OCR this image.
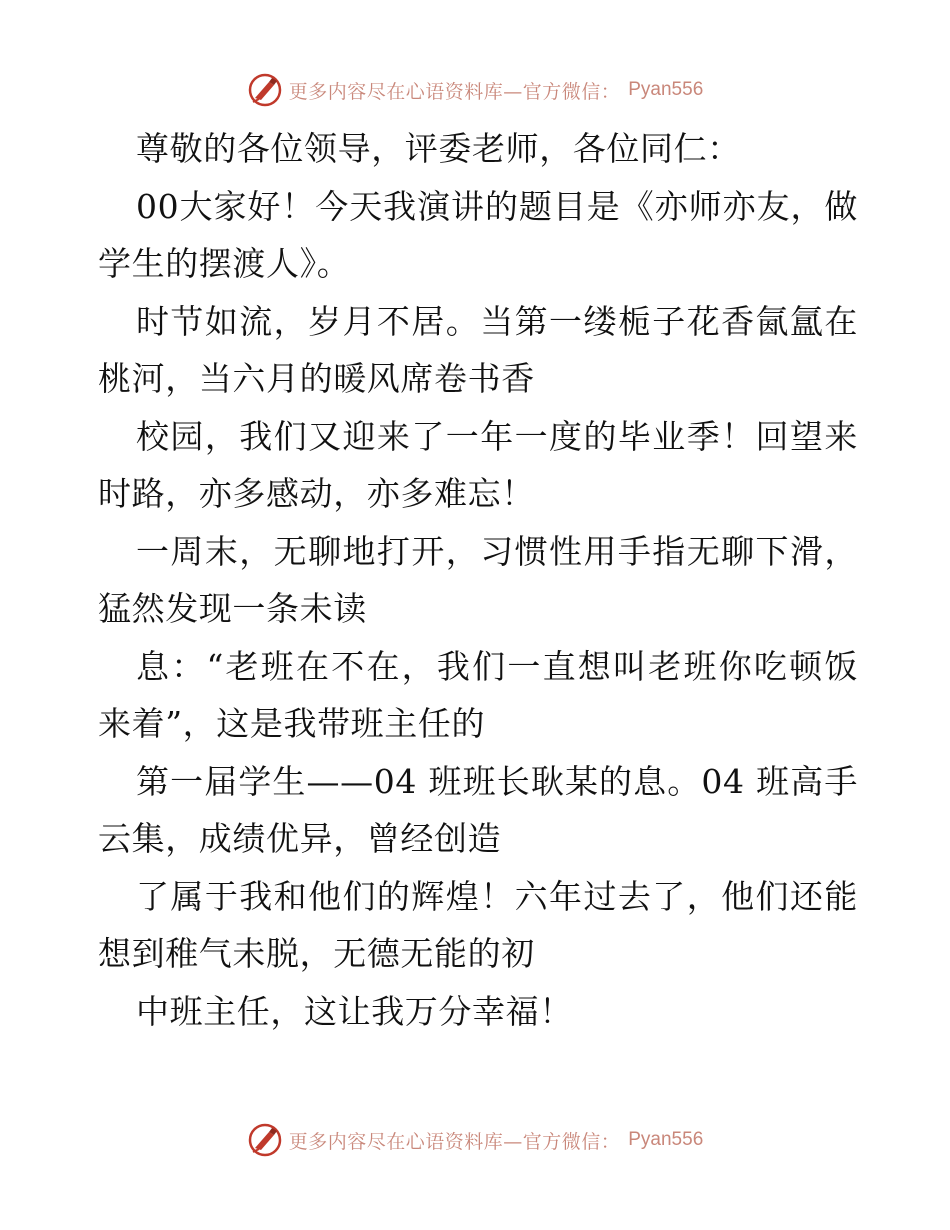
更多内容尽在心语资料库—官方微信： Pyan556

尊敬的各位领导，评委老师，各位同仁：

00大家好！今天我演讲的题目是《亦师亦友，做学生的摆渡人》。

时节如流，岁月不居。当第一缕栀子花香氤氲在桃河，当六月的暖风席卷书香

校园，我们又迎来了一年一度的毕业季！回望来时路，亦多感动，亦多难忘！

一周末，无聊地打开，习惯性用手指无聊下滑，猛然发现一条未读

息：“老班在不在，我们一直想叫老班你吃顿饭来着”，这是我带班主任的

第一届学生——04 班班长耿某的息。04 班高手云集，成绩优异，曾经创造

了属于我和他们的辉煌！六年过去了，他们还能想到稚气未脱，无德无能的初

中班主任，这让我万分幸福！

更多内容尽在心语资料库—官方微信： Pyan556
